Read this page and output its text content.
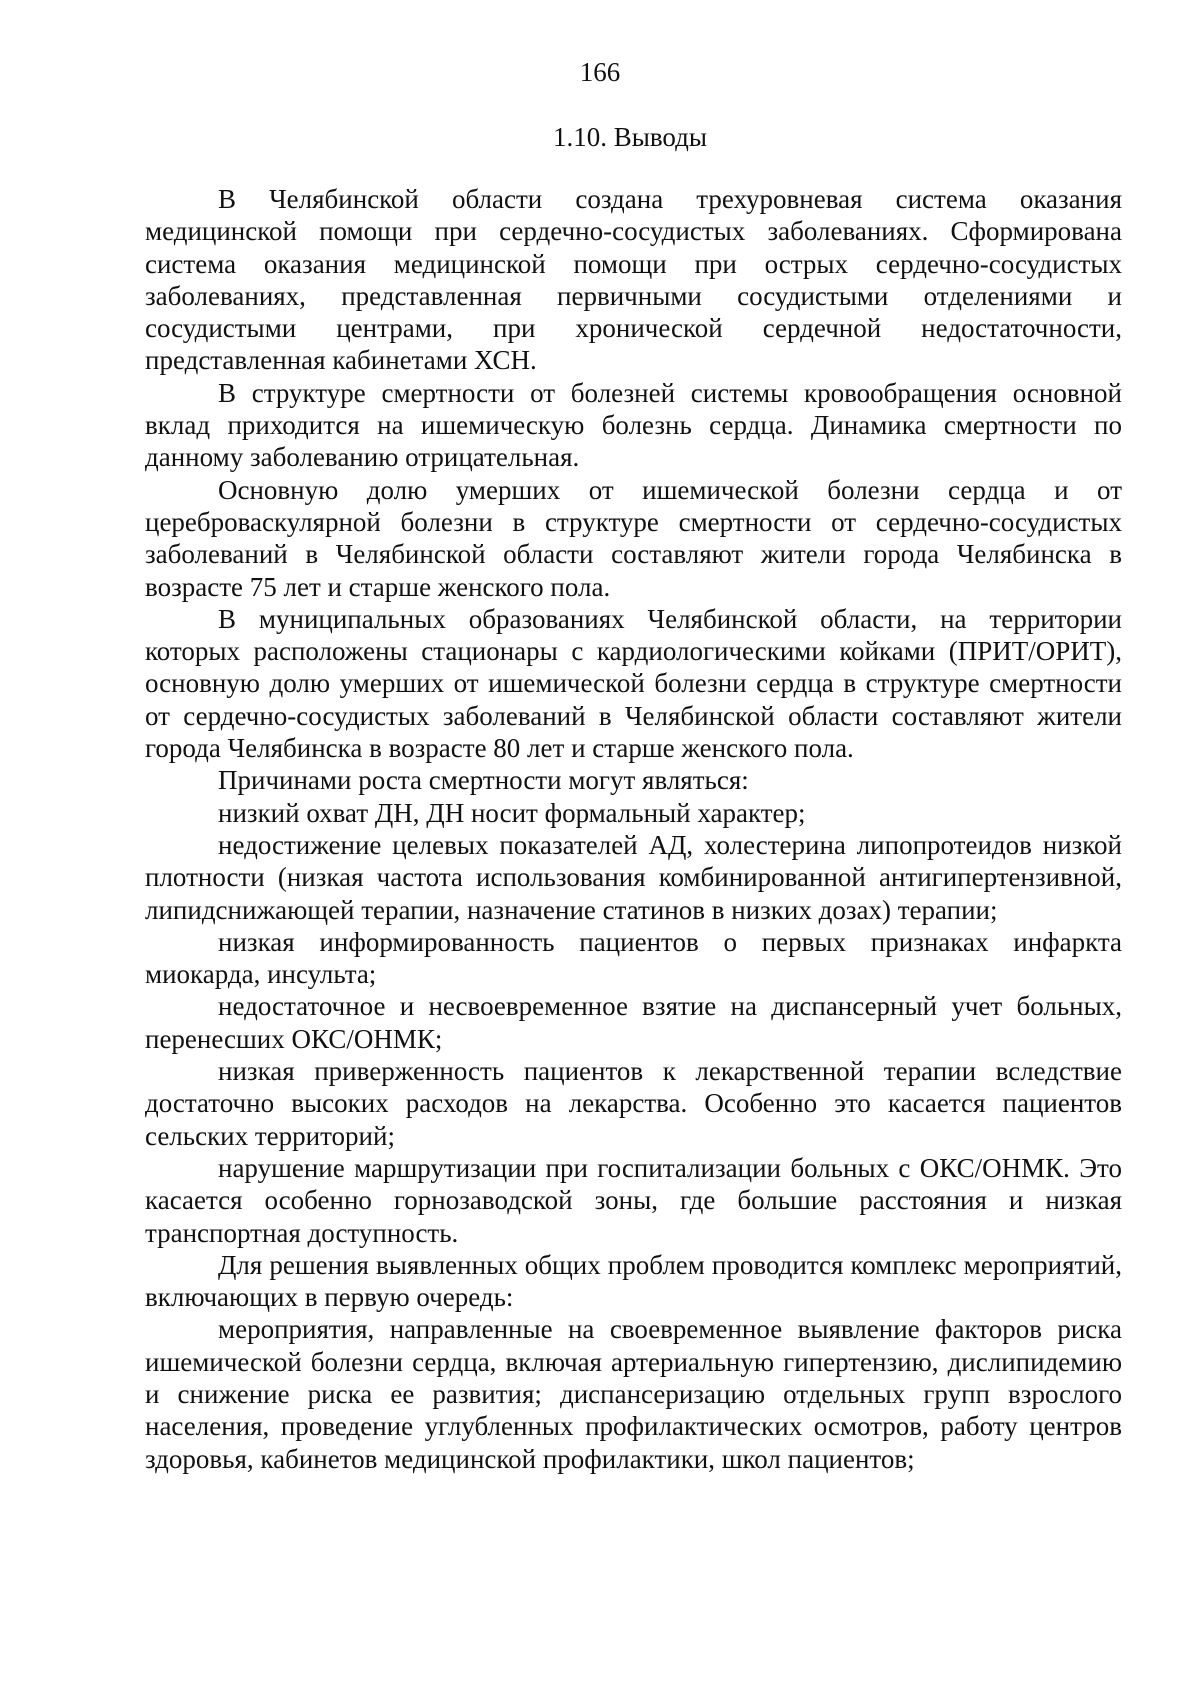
166
1.10. Выводы

В Челябинской области создана трехуровневая система оказания медицинской помощи при сердечно-сосудистых заболеваниях. Сформирована система оказания медицинской помощи при острых сердечно-сосудистых заболеваниях, представленная первичными сосудистыми отделениями и сосудистыми центрами, при хронической сердечной недостаточности, представленная кабинетами ХСН.

В структуре смертности от болезней системы кровообращения основной вклад приходится на ишемическую болезнь сердца. Динамика смертности по данному заболеванию отрицательная.

Основную долю умерших от ишемической болезни сердца и от цереброваскулярной болезни в структуре смертности от сердечно-сосудистых заболеваний в Челябинской области составляют жители города Челябинска в возрасте 75 лет и старше женского пола.

В муниципальных образованиях Челябинской области, на территории которых расположены стационары с кардиологическими койками (ПРИТ/ОРИТ), основную долю умерших от ишемической болезни сердца в структуре смертности от сердечно-сосудистых заболеваний в Челябинской области составляют жители города Челябинска в возрасте 80 лет и старше женского пола.

Причинами роста смертности могут являться:

низкий охват ДН, ДН носит формальный характер;

недостижение целевых показателей АД, холестерина липопротеидов низкой плотности (низкая частота использования комбинированной антигипертензивной, липидснижающей терапии, назначение статинов в низких дозах) терапии;

низкая информированность пациентов о первых признаках инфаркта миокарда, инсульта;

недостаточное и несвоевременное взятие на диспансерный учет больных, перенесших ОКС/ОНМК;

низкая приверженность пациентов к лекарственной терапии вследствие достаточно высоких расходов на лекарства. Особенно это касается пациентов сельских территорий;

нарушение маршрутизации при госпитализации больных с ОКС/ОНМК. Это касается особенно горнозаводской зоны, где большие расстояния и низкая транспортная доступность.

Для решения выявленных общих проблем проводится комплекс мероприятий, включающих в первую очередь:

мероприятия, направленные на своевременное выявление факторов риска ишемической болезни сердца, включая артериальную гипертензию, дислипидемию и снижение риска ее развития; диспансеризацию отдельных групп взрослого населения, проведение углубленных профилактических осмотров, работу центров здоровья, кабинетов медицинской профилактики, школ пациентов;
